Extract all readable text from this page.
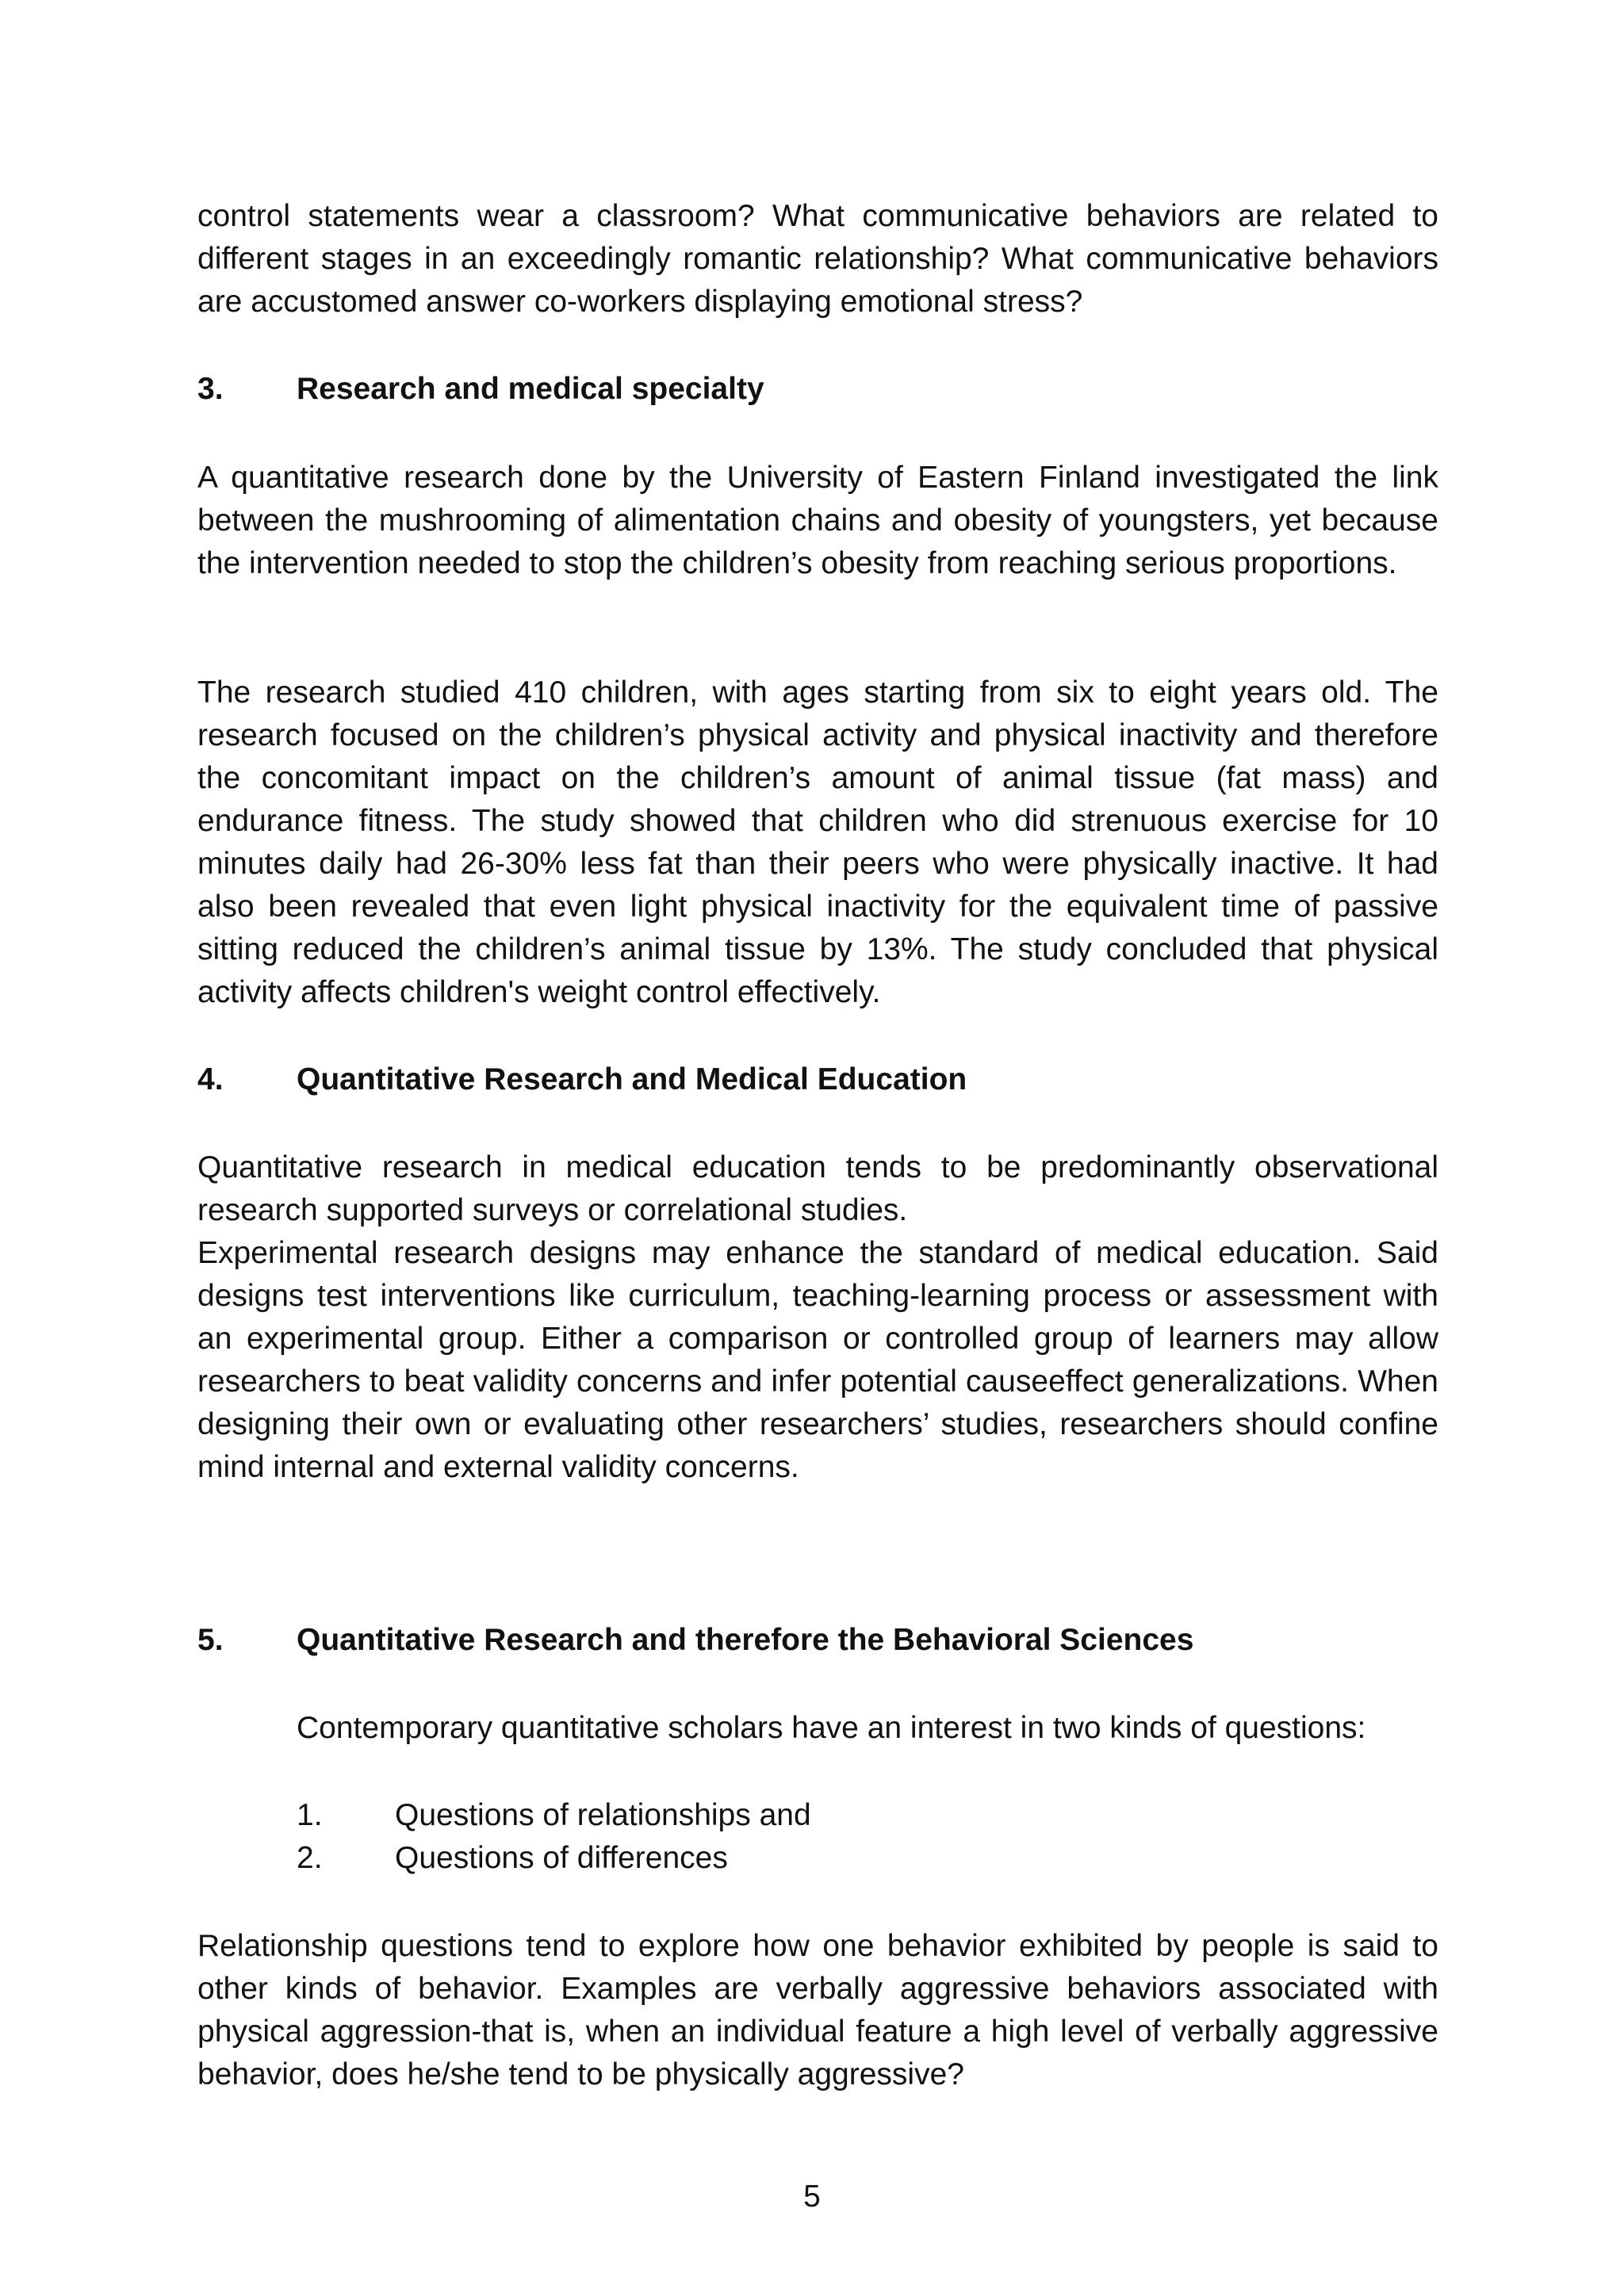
control statements wear a classroom? What communicative behaviors are related to different stages in an exceedingly romantic relationship? What communicative behaviors are accustomed answer co-workers displaying emotional stress?

3. Research and medical specialty

A quantitative research done by the University of Eastern Finland investigated the link between the mushrooming of alimentation chains and obesity of youngsters, yet because the intervention needed to stop the children’s obesity from reaching serious proportions.

The research studied 410 children, with ages starting from six to eight years old. The research focused on the children’s physical activity and physical inactivity and therefore the concomitant impact on the children’s amount of animal tissue (fat mass) and endurance fitness. The study showed that children who did strenuous exercise for 10 minutes daily had 26-30% less fat than their peers who were physically inactive. It had also been revealed that even light physical inactivity for the equivalent time of passive sitting reduced the children’s animal tissue by 13%. The study concluded that physical activity affects children's weight control effectively.

4. Quantitative Research and Medical Education

Quantitative research in medical education tends to be predominantly observational research supported surveys or correlational studies.

Experimental research designs may enhance the standard of medical education. Said designs test interventions like curriculum, teaching-learning process or assessment with an experimental group. Either a comparison or controlled group of learners may allow researchers to beat validity concerns and infer potential causeeffect generalizations. When designing their own or evaluating other researchers’ studies, researchers should confine mind internal and external validity concerns.

5. Quantitative Research and therefore the Behavioral Sciences

Contemporary quantitative scholars have an interest in two kinds of questions:

1. Questions of relationships and

2. Questions of differences

Relationship questions tend to explore how one behavior exhibited by people is said to other kinds of behavior. Examples are verbally aggressive behaviors associated with physical aggression-that is, when an individual feature a high level of verbally aggressive behavior, does he/she tend to be physically aggressive?

5
